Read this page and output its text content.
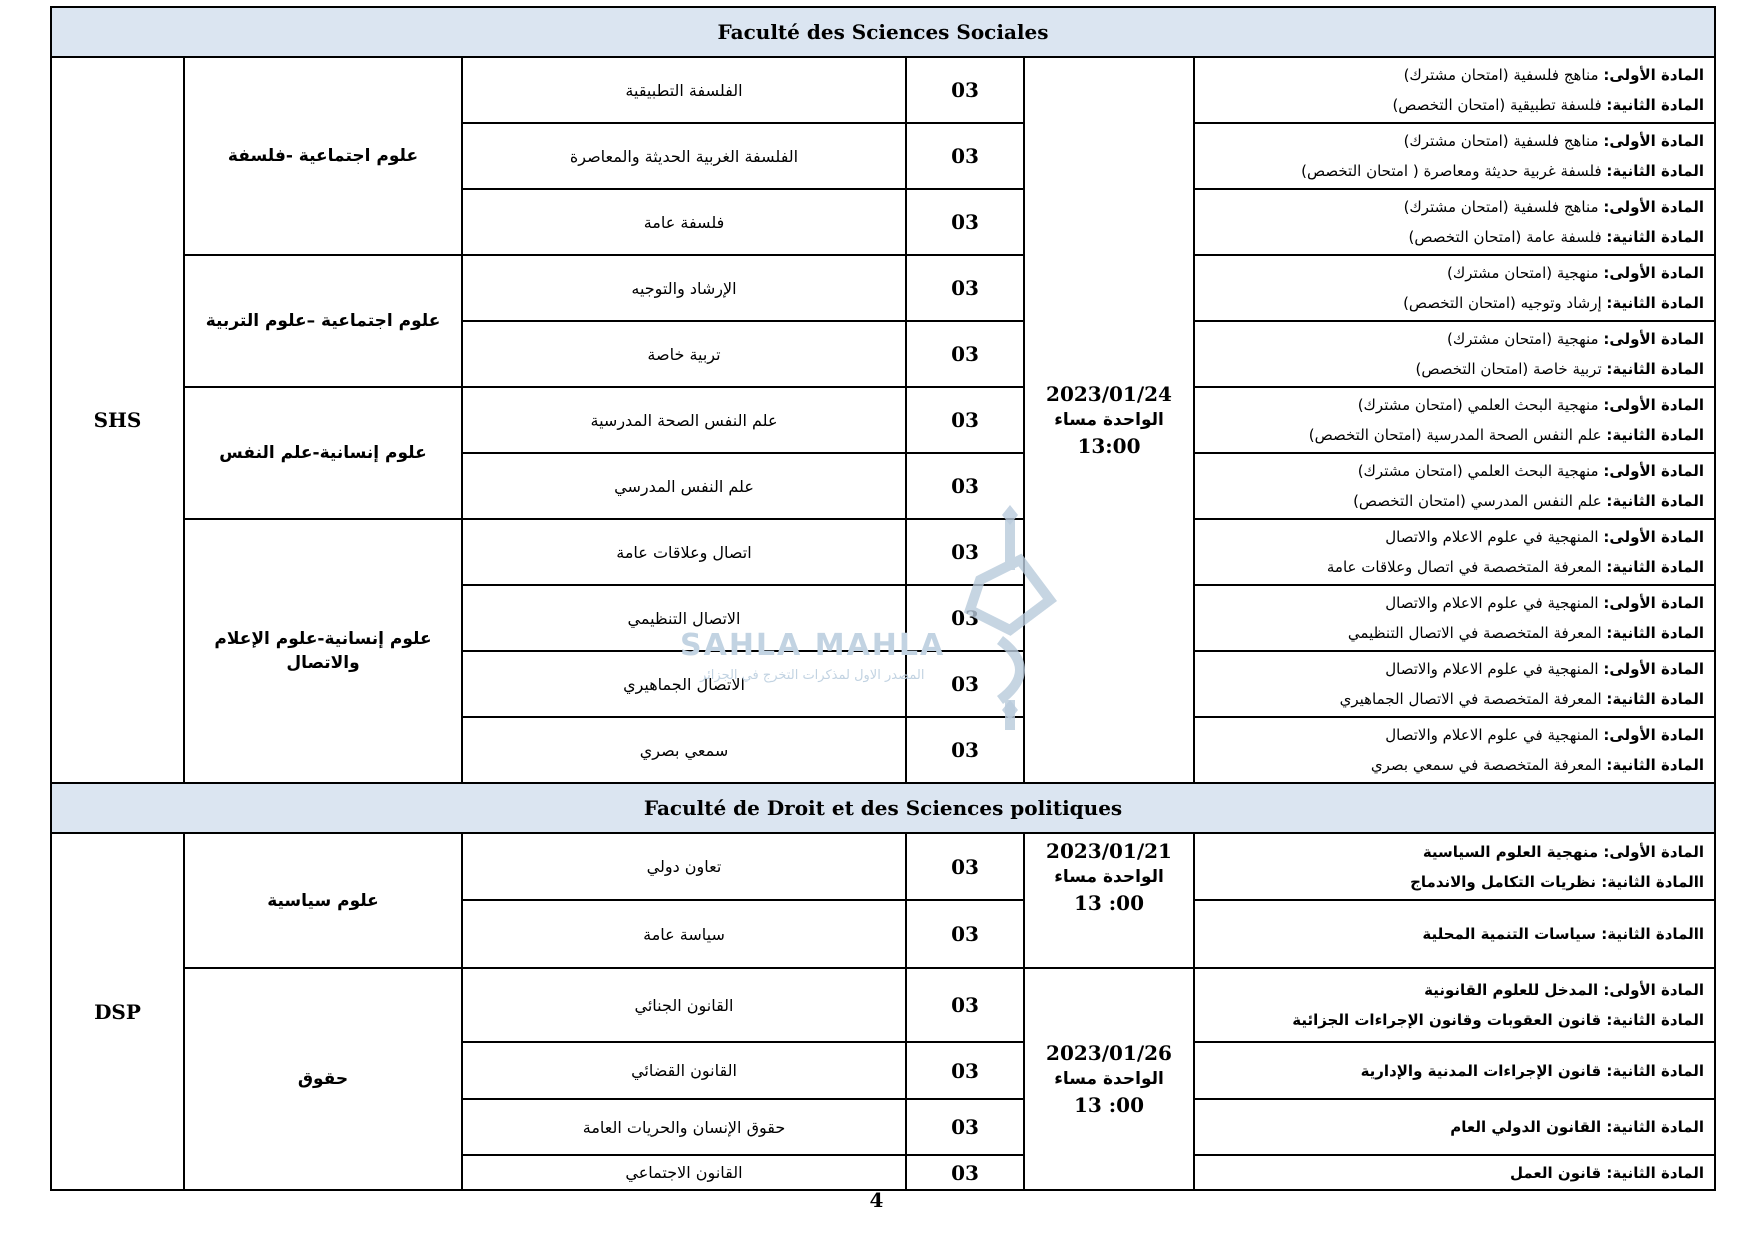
Faculté des Sciences Sociales					
SHS	علوم اجتماعية -فلسفة	الفلسفة التطبيقية	03	2023/01/24
الواحدة مساء
13:00	المادة الأولى: مناهج فلسفية (امتحان مشترك)
المادة الثانية: فلسفة تطبيقية (امتحان التخصص)

		الفلسفة الغربية الحديثة والمعاصرة	03		المادة الأولى: مناهج فلسفية (امتحان مشترك)
المادة الثانية: فلسفة غربية حديثة ومعاصرة ( امتحان التخصص)

		فلسفة عامة	03		المادة الأولى: مناهج فلسفية (امتحان مشترك)
المادة الثانية: فلسفة عامة (امتحان التخصص)

	علوم اجتماعية –علوم التربية	الإرشاد والتوجيه	03		المادة الأولى: منهجية (امتحان مشترك)
المادة الثانية: إرشاد وتوجيه (امتحان التخصص)

		تربية خاصة	03		المادة الأولى: منهجية (امتحان مشترك)
المادة الثانية: تربية خاصة (امتحان التخصص)

	علوم إنسانية-علم النفس	علم النفس الصحة المدرسية	03		المادة الأولى: منهجية البحث العلمي (امتحان مشترك)
المادة الثانية: علم النفس الصحة المدرسية (امتحان التخصص)

		علم النفس المدرسي	03		المادة الأولى: منهجية البحث العلمي (امتحان مشترك)
المادة الثانية: علم النفس المدرسي (امتحان التخصص)

	علوم إنسانية-علوم الإعلام والاتصال	اتصال وعلاقات عامة	03		المادة الأولى: المنهجية في علوم الاعلام والاتصال
المادة الثانية: المعرفة المتخصصة في اتصال وعلاقات عامة

		الاتصال التنظيمي	03		المادة الأولى: المنهجية في علوم الاعلام والاتصال
المادة الثانية: المعرفة المتخصصة في الاتصال التنظيمي

		الاتصال الجماهيري	03		المادة الأولى: المنهجية في علوم الاعلام والاتصال
المادة الثانية: المعرفة المتخصصة في الاتصال الجماهيري

		سمعي بصري	03		المادة الأولى: المنهجية في علوم الاعلام والاتصال
المادة الثانية: المعرفة المتخصصة في سمعي بصري

Faculté de Droit et des Sciences politiques					
DSP	علوم سياسية	تعاون دولي	03	2023/01/21
الواحدة مساء
13 :00	المادة الأولى: منهجية العلوم السياسية
االمادة الثانية: نظريات التكامل والاندماج

		سياسة عامة	03		االمادة الثانية: سياسات التنمية المحلية

	حقوق	القانون الجنائي	03	2023/01/26
الواحدة مساء
13 :00	المادة الأولى: المدخل للعلوم القانونية
المادة الثانية: قانون العقوبات وقانون الإجراءات الجزائية

		القانون القضائي	03		المادة الثانية: قانون الإجراءات المدنية والإدارية

		حقوق الإنسان والحريات العامة	03		المادة الثانية: القانون الدولي العام

		القانون الاجتماعي	03		المادة الثانية: قانون العمل
SAHLA MAHLA
المصدر الاول لمذكرات التخرج في الجزائر
4
